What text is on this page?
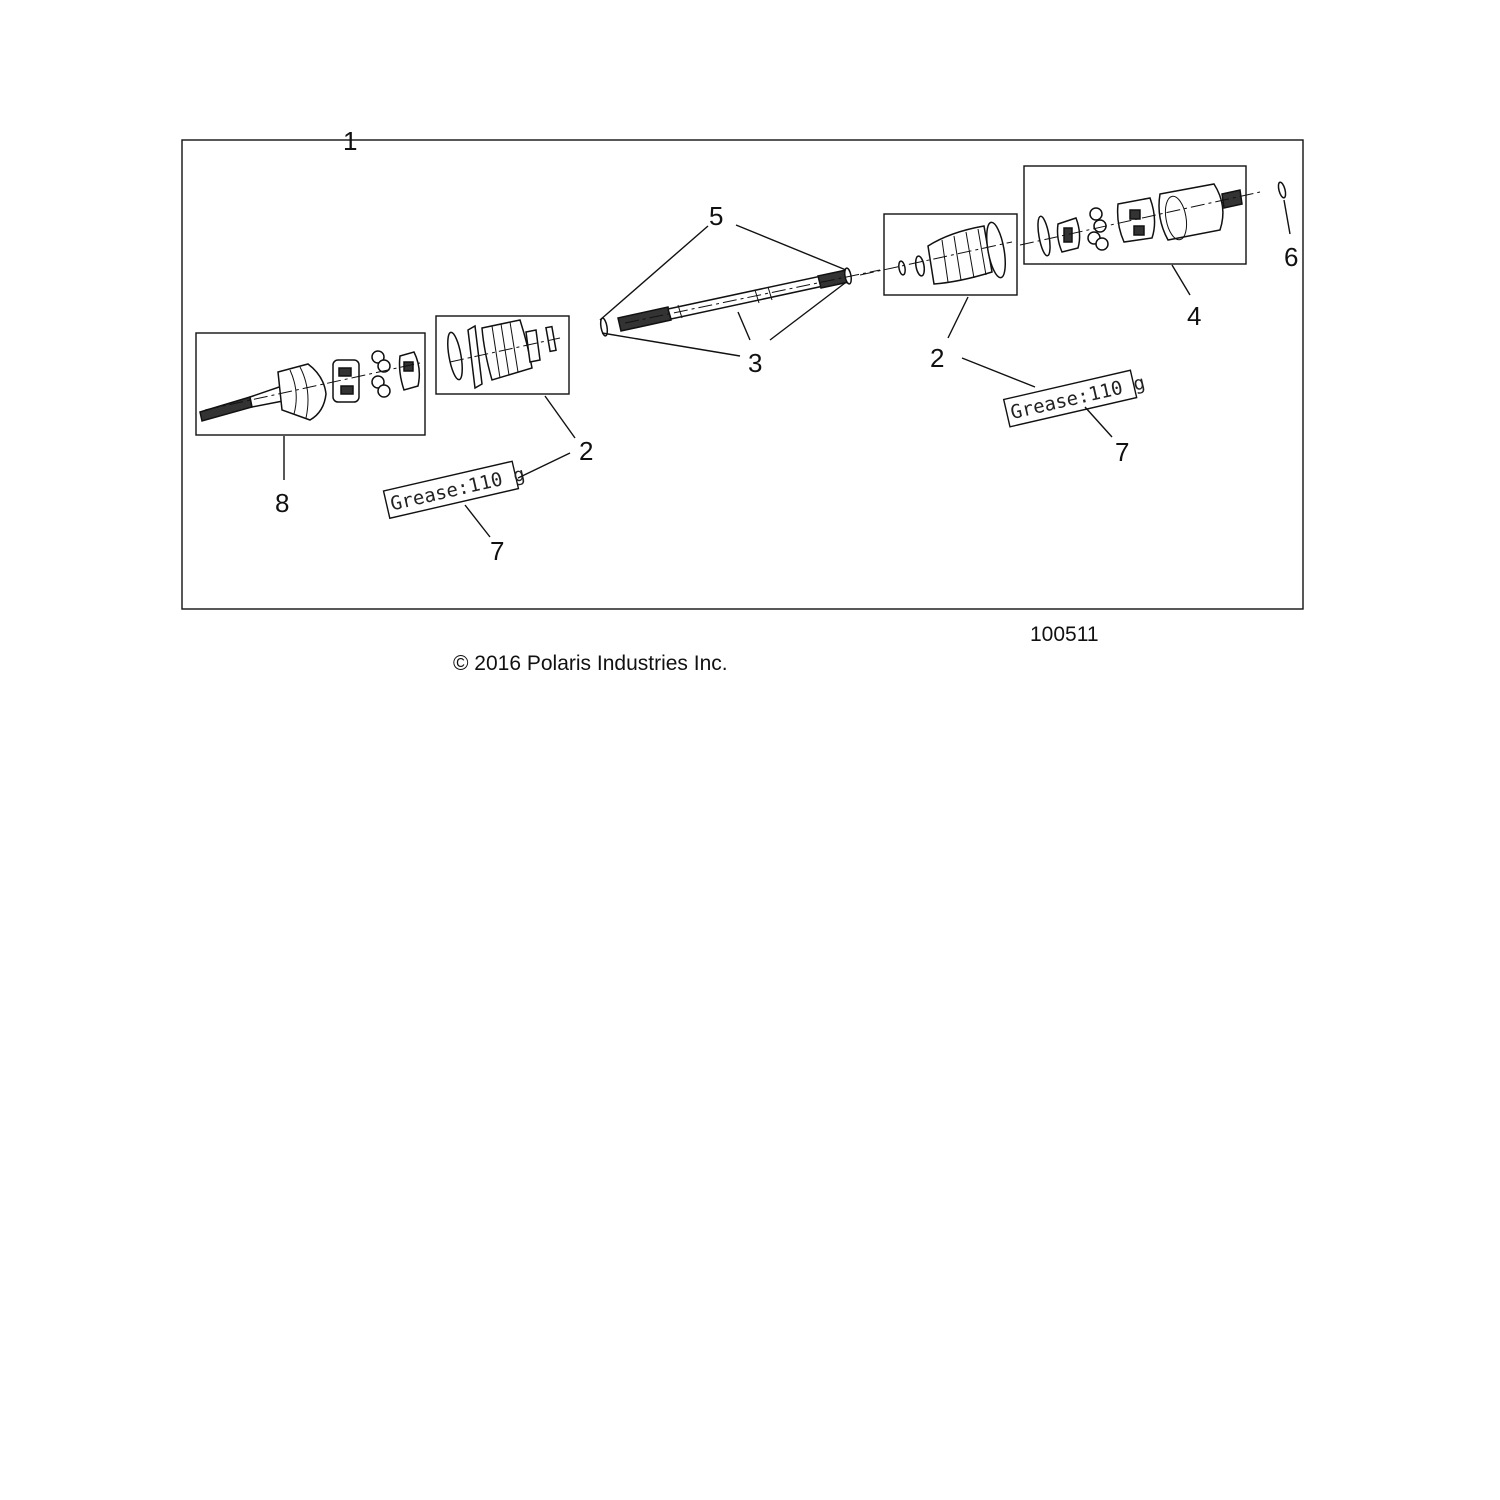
8
2
Grease:110 g
7
5
3	2
Grease:110 g
7
4
6
1
100511
© 2016 Polaris Industries Inc.
